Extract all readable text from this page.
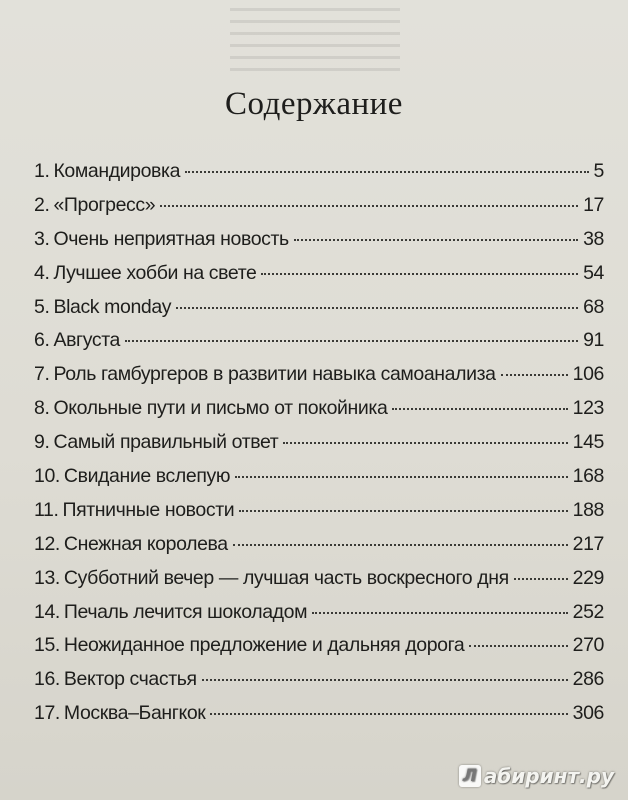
Содержание
1. Командировка	5
2. «Прогресс»	17
3. Очень неприятная новость	38
4. Лучшее хобби на свете	54
5. Black monday	68
6. Августа	91
7. Роль гамбургеров в развитии навыка самоанализа	106
8. Окольные пути и письмо от покойника	123
9. Самый правильный ответ	145
10. Свидание вслепую	168
11. Пятничные новости	188
12. Снежная королева	217
13. Субботний вечер — лучшая часть воскресного дня	229
14. Печаль лечится шоколадом	252
15. Неожиданное предложение и дальняя дорога	270
16. Вектор счастья	286
17. Москва–Бангкок	306
Л абиринт.ру
